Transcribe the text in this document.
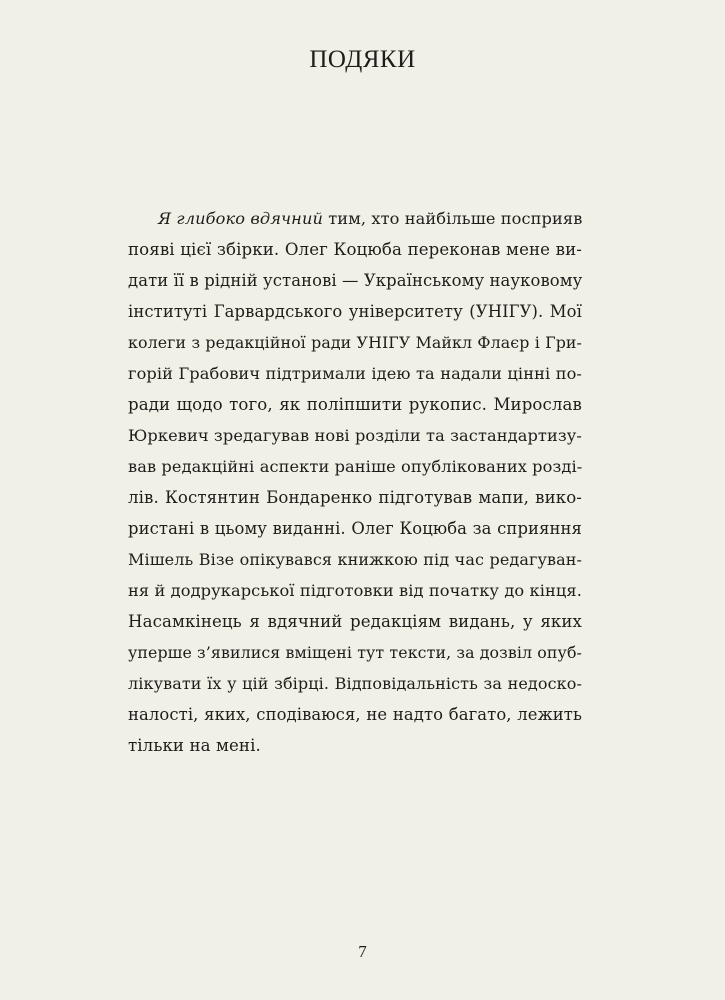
ПОДЯКИ
Я глибоко вдячний тим, хто найбільше посприяв
появі цієї збірки. Олег Коцюба переконав мене ви-
дати її в рідній установі — Українському науковому
інституті Гарвардського університету (УНІГУ). Мої
колеги з редакційної ради УНІГУ Майкл Флаєр і Гри-
горій Грабович підтримали ідею та надали цінні по-
ради щодо того, як поліпшити рукопис. Мирослав
Юркевич зредагував нові розділи та застандартизу-
вав редакційні аспекти раніше опублікованих розді-
лів. Костянтин Бондаренко підготував мапи, вико-
ристані в цьому виданні. Олег Коцюба за сприяння
Мішель Візе опікувався книжкою під час редагуван-
ня й додрукарської підготовки від початку до кінця.
Насамкінець я вдячний редакціям видань, у яких
уперше з’явилися вміщені тут тексти, за дозвіл опуб-
лікувати їх у цій збірці. Відповідальність за недоско-
налості, яких, сподіваюся, не надто багато, лежить
тільки на мені.
7
